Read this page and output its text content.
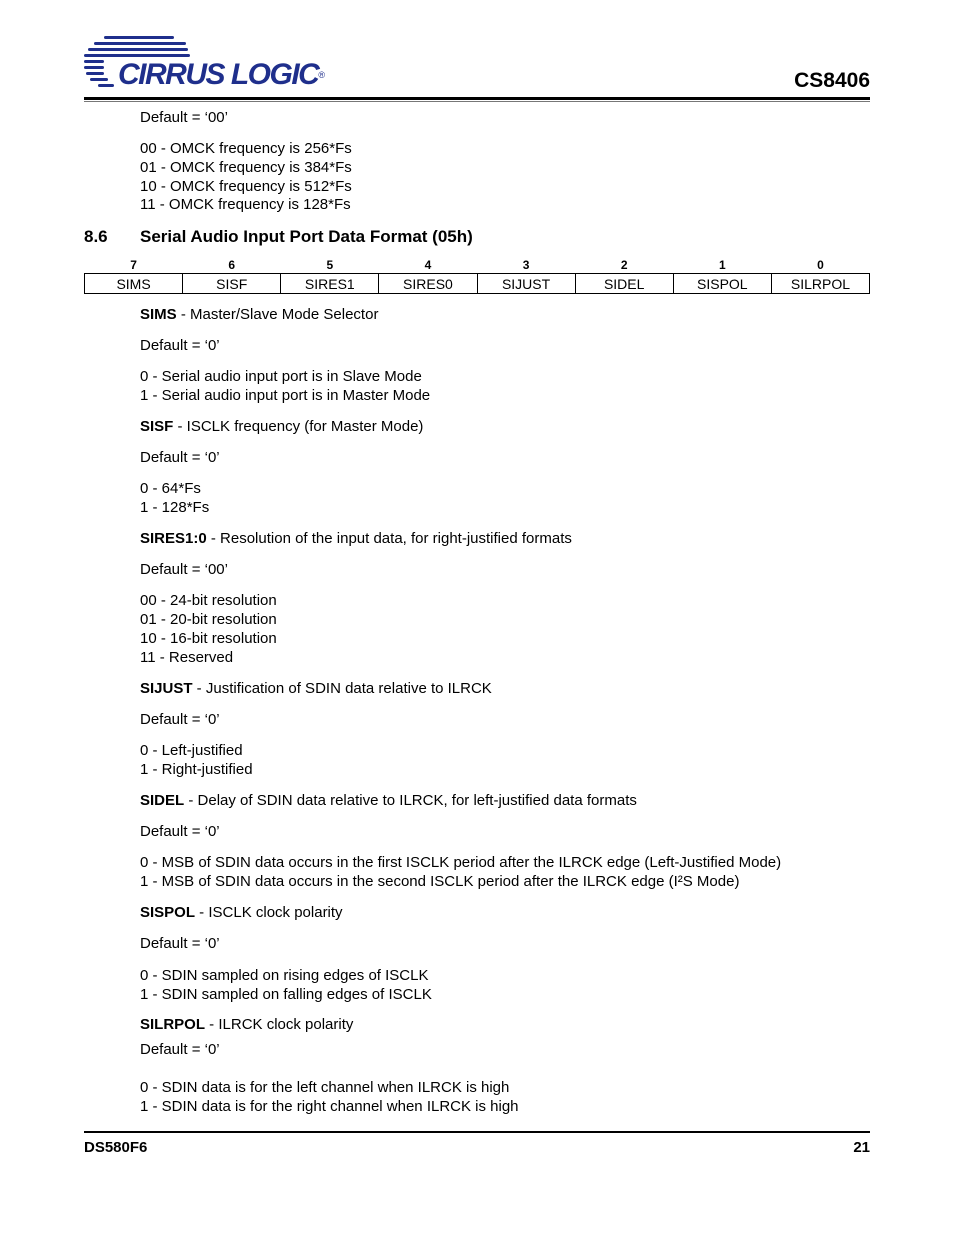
CIRRUS LOGIC®	CS8406
Default = ‘00’
00 - OMCK frequency is 256*Fs
01 - OMCK frequency is 384*Fs
10 - OMCK frequency is 512*Fs
11 - OMCK frequency is 128*Fs
8.6 Serial Audio Input Port Data Format (05h)
7	6	5	4	3	2	1	0
SIMS	SISF	SIRES1	SIRES0	SIJUST	SIDEL	SISPOL	SILRPOL
SIMS - Master/Slave Mode Selector
Default = ‘0’
0 - Serial audio input port is in Slave Mode
1 - Serial audio input port is in Master Mode
SISF - ISCLK frequency (for Master Mode)
Default = ‘0’
0 - 64*Fs
1 - 128*Fs
SIRES1:0 - Resolution of the input data, for right-justified formats
Default = ‘00’
00 - 24-bit resolution
01 - 20-bit resolution
10 - 16-bit resolution
11 - Reserved
SIJUST - Justification of SDIN data relative to ILRCK
Default = ‘0’
0 - Left-justified
1 - Right-justified
SIDEL - Delay of SDIN data relative to ILRCK, for left-justified data formats
Default = ‘0’
0 - MSB of SDIN data occurs in the first ISCLK period after the ILRCK edge (Left-Justified Mode)
1 - MSB of SDIN data occurs in the second ISCLK period after the ILRCK edge (I²S Mode)
SISPOL - ISCLK clock polarity
Default = ‘0’
0 - SDIN sampled on rising edges of ISCLK
1 - SDIN sampled on falling edges of ISCLK
SILRPOL - ILRCK clock polarity
Default = ‘0’
0 - SDIN data is for the left channel when ILRCK is high
1 - SDIN data is for the right channel when ILRCK is high
DS580F6	21
